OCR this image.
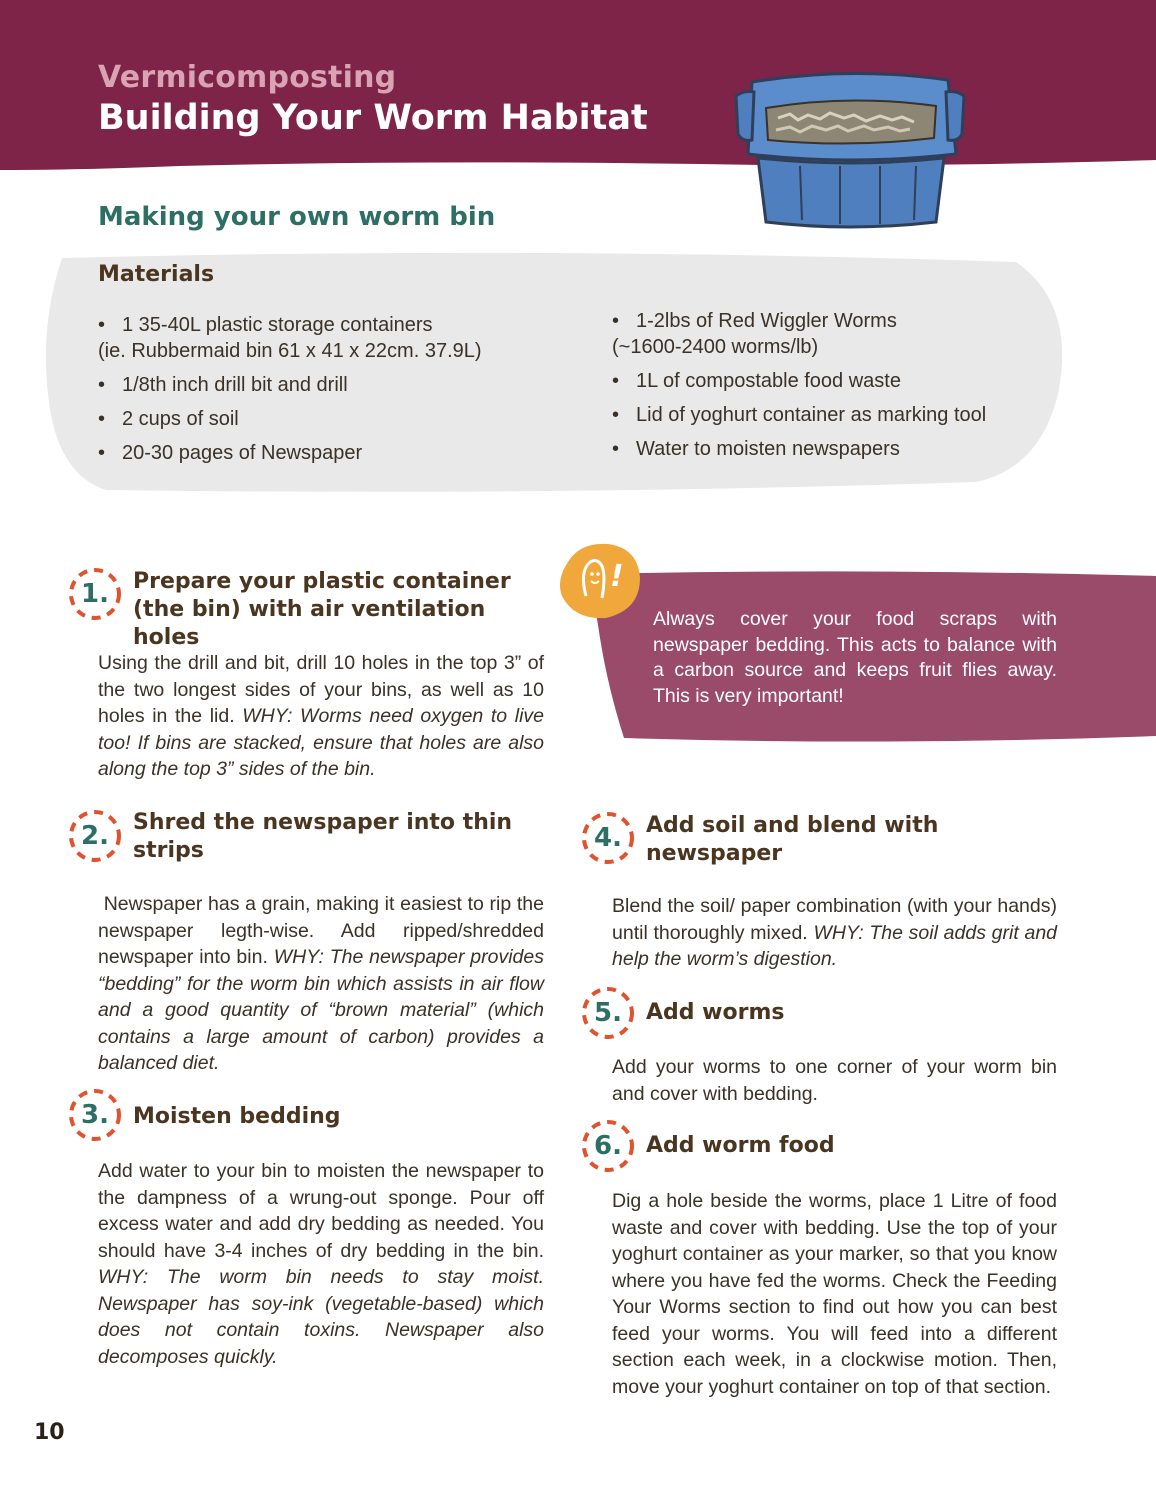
Vermicomposting
Building Your Worm Habitat
Making your own worm bin
Materials
• 1 35-40L plastic storage containers
(ie. Rubbermaid bin 61 x 41 x 22cm. 37.9L)
• 1/8th inch drill bit and drill
• 2 cups of soil
• 20-30 pages of Newspaper
• 1-2lbs of Red Wiggler Worms
(~1600-2400 worms/lb)
• 1L of compostable food waste
• Lid of yoghurt container as marking tool
• Water to moisten newspapers
!

Always cover your food scraps with newspaper bedding. This acts to balance with a carbon source and keeps fruit flies away. This is very important!

1.	Prepare your plastic container
(the bin) with air ventilation holes

Using the drill and bit, drill 10 holes in the top 3” of the two longest sides of your bins, as well as 10 holes in the lid. WHY: Worms need oxygen to live too! If bins are stacked, ensure that holes are also along the top 3” sides of the bin.

2.	Shred the newspaper into thin
strips

Newspaper has a grain, making it easiest to rip the newspaper legth-wise. Add ripped/shredded newspaper into bin. WHY: The newspaper provides “bedding” for the worm bin which assists in air flow and a good quantity of “brown material” (which contains a large amount of carbon) provides a balanced diet.

3.	Moisten bedding

Add water to your bin to moisten the newspaper to the dampness of a wrung-out sponge. Pour off excess water and add dry bedding as needed. You should have 3-4 inches of dry bedding in the bin. WHY: The worm bin needs to stay moist. Newspaper has soy-ink (vegetable-based) which does not contain toxins. Newspaper also decomposes quickly.

4.	Add soil and blend with
newspaper

Blend the soil/ paper combination (with your hands) until thoroughly mixed. WHY: The soil adds grit and help the worm’s digestion.

5.	Add worms

Add your worms to one corner of your worm bin and cover with bedding.

6.	Add worm food

Dig a hole beside the worms, place 1 Litre of food waste and cover with bedding. Use the top of your yoghurt container as your marker, so that you know where you have fed the worms. Check the Feeding Your Worms section to find out how you can best feed your worms. You will feed into a different section each week, in a clockwise motion. Then, move your yoghurt container on top of that section.

10
